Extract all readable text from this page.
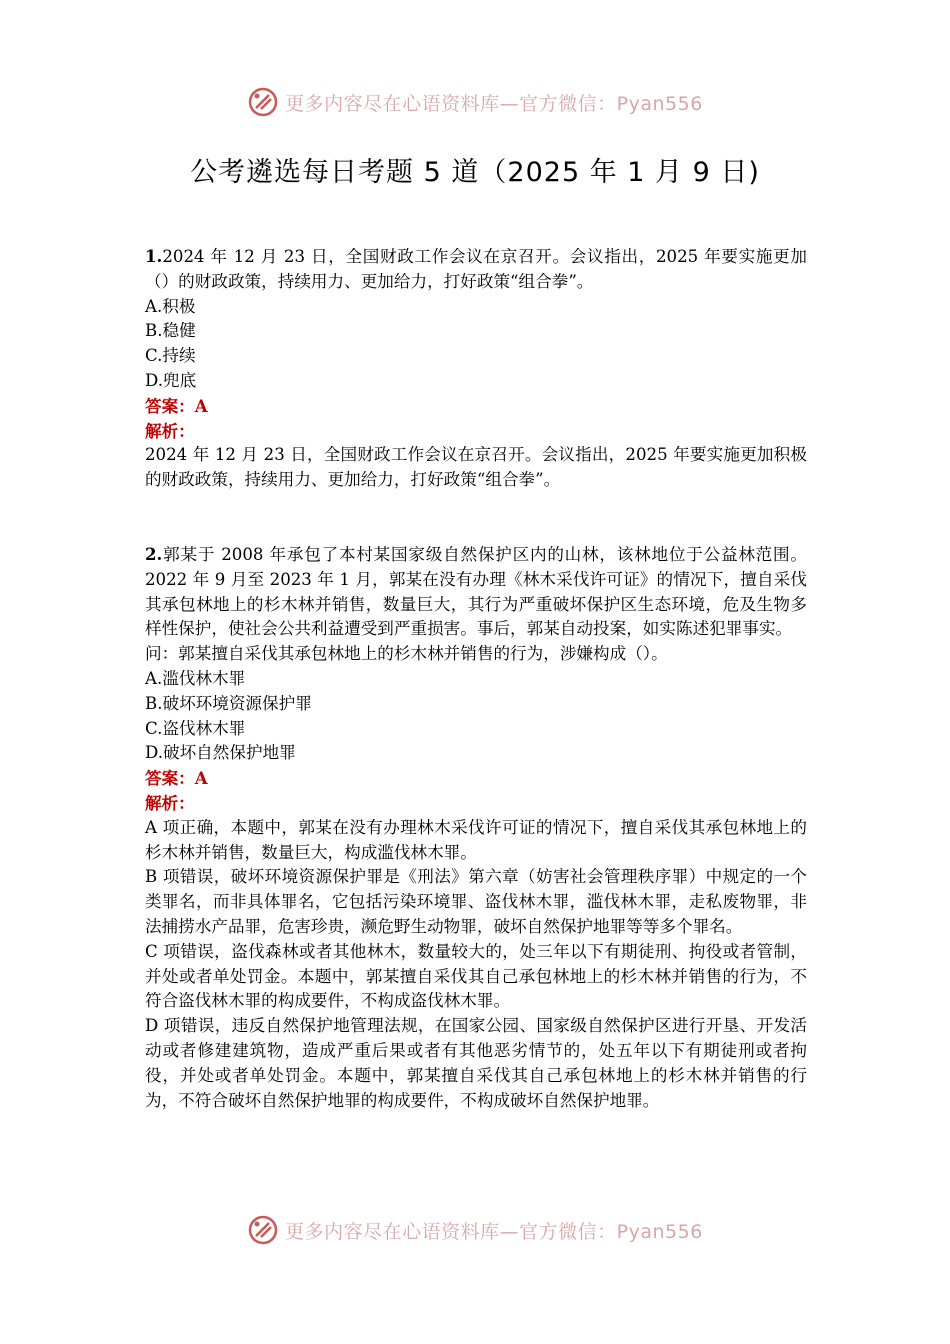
更多内容尽在心语资料库—官方微信：Pyan556
公考遴选每日考题 5 道（2025 年 1 月 9 日)

1.2024 年 12 月 23 日，全国财政工作会议在京召开。会议指出，2025 年要实施更加（）的财政政策，持续用力、更加给力，打好政策“组合拳”。

A.积极

B.稳健

C.持续

D.兜底

答案：A

解析：

2024 年 12 月 23 日，全国财政工作会议在京召开。会议指出，2025 年要实施更加积极的财政政策，持续用力、更加给力，打好政策“组合拳”。

2.郭某于 2008 年承包了本村某国家级自然保护区内的山林，该林地位于公益林范围。2022 年 9 月至 2023 年 1 月，郭某在没有办理《林木采伐许可证》的情况下，擅自采伐其承包林地上的杉木林并销售，数量巨大，其行为严重破坏保护区生态环境，危及生物多样性保护，使社会公共利益遭受到严重损害。事后，郭某自动投案，如实陈述犯罪事实。

问：郭某擅自采伐其承包林地上的杉木林并销售的行为，涉嫌构成（）。

A.滥伐林木罪

B.破坏环境资源保护罪

C.盗伐林木罪

D.破坏自然保护地罪

答案：A

解析：

A 项正确，本题中，郭某在没有办理林木采伐许可证的情况下，擅自采伐其承包林地上的杉木林并销售，数量巨大，构成滥伐林木罪。

B 项错误，破坏环境资源保护罪是《刑法》第六章（妨害社会管理秩序罪）中规定的一个类罪名，而非具体罪名，它包括污染环境罪、盗伐林木罪，滥伐林木罪，走私废物罪，非法捕捞水产品罪，危害珍贵，濒危野生动物罪，破坏自然保护地罪等等多个罪名。

C 项错误，盗伐森林或者其他林木，数量较大的，处三年以下有期徒刑、拘役或者管制，并处或者单处罚金。本题中，郭某擅自采伐其自己承包林地上的杉木林并销售的行为，不符合盗伐林木罪的构成要件，不构成盗伐林木罪。

D 项错误，违反自然保护地管理法规，在国家公园、国家级自然保护区进行开垦、开发活动或者修建建筑物，造成严重后果或者有其他恶劣情节的，处五年以下有期徒刑或者拘役，并处或者单处罚金。本题中，郭某擅自采伐其自己承包林地上的杉木林并销售的行为，不符合破坏自然保护地罪的构成要件，不构成破坏自然保护地罪。

更多内容尽在心语资料库—官方微信：Pyan556
